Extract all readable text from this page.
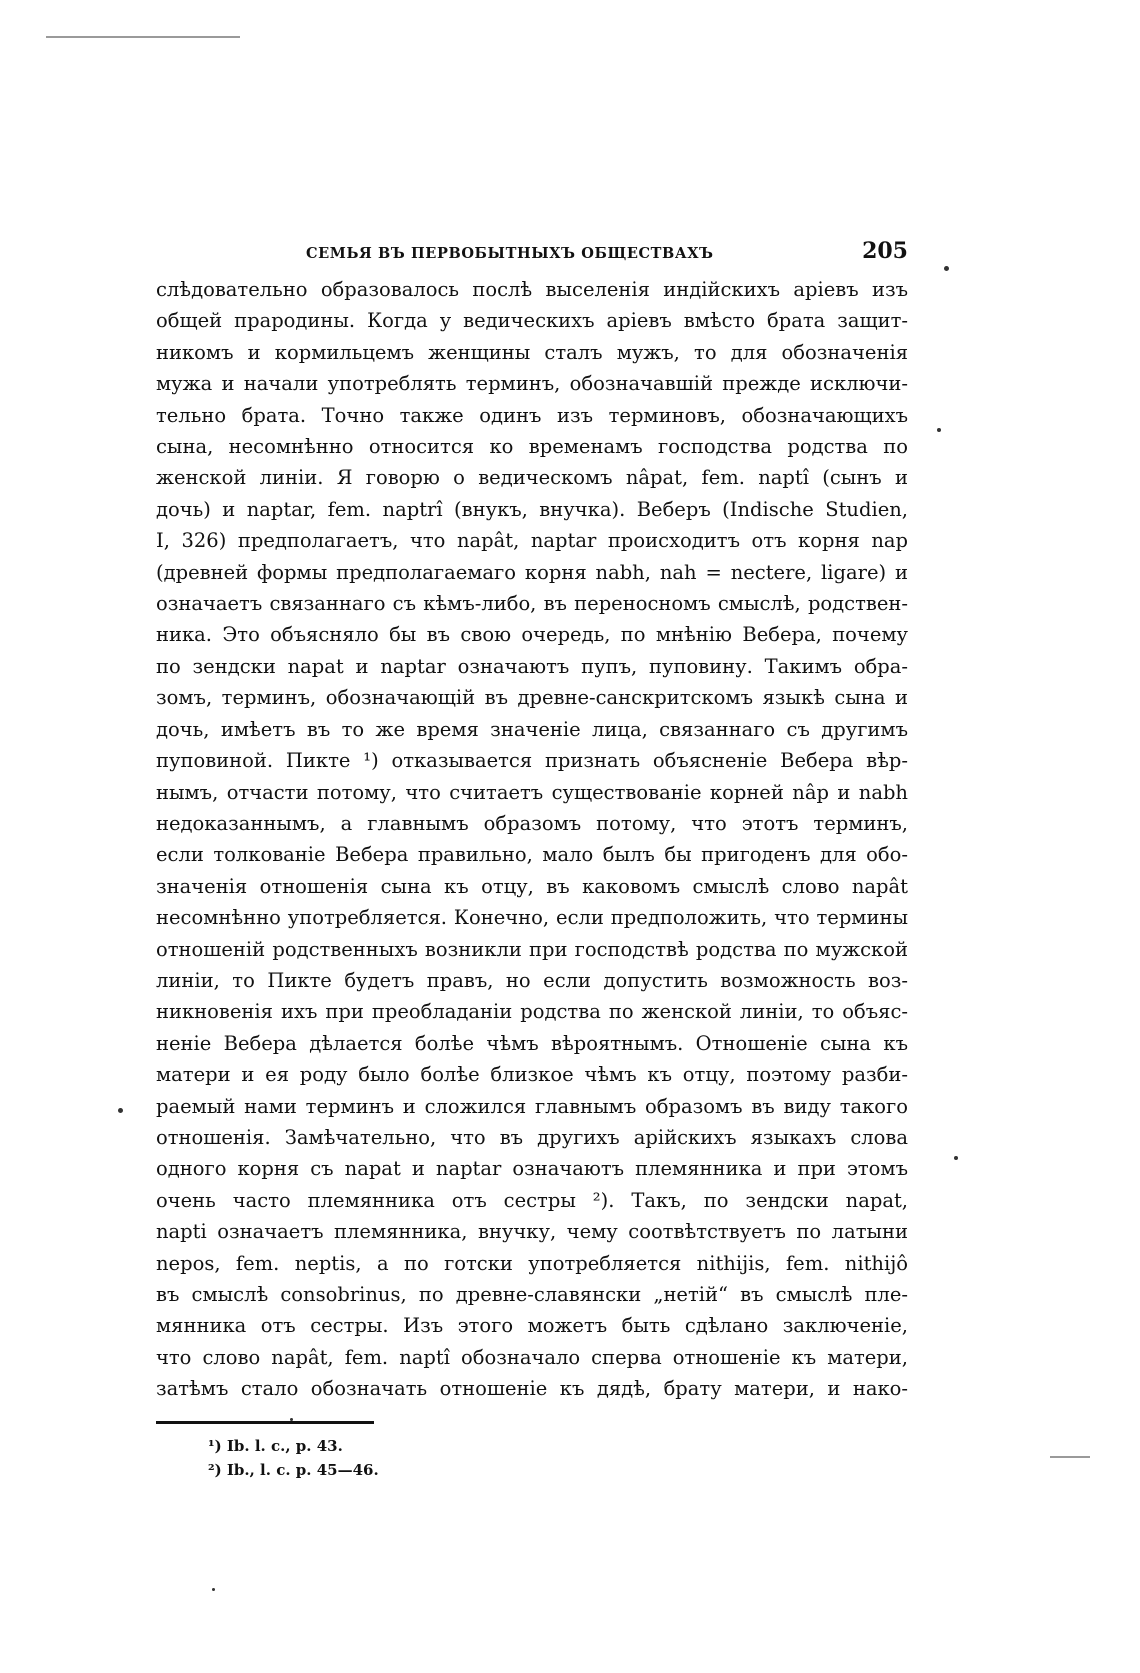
СЕМЬЯ ВЪ ПЕРВОБЫТНЫХЪ ОБЩЕСТВАХЪ	205
слѣдовательно образовалось послѣ выселенія индійскихъ аріевъ изъ
общей прародины. Когда у ведическихъ аріевъ вмѣсто брата защит-
никомъ и кормильцемъ женщины сталъ мужъ, то для обозначенія
мужа и начали употреблять терминъ, обозначавшій прежде исключи-
тельно брата. Точно также одинъ изъ терминовъ, обозначающихъ
сына, несомнѣнно относится ко временамъ господства родства по
женской линіи. Я говорю о ведическомъ nâpat, fem. naptî (сынъ и
дочь) и naptar, fem. naptrî (внукъ, внучка). Веберъ (Indische Studien,
I, 326) предполагаетъ, что napât, naptar происходитъ отъ корня nap
(древней формы предполагаемаго корня nabh, nah = nectere, ligare) и
означаетъ связаннаго съ кѣмъ-либо, въ переносномъ смыслѣ, родствен-
ника. Это объясняло бы въ свою очередь, по мнѣнію Вебера, почему
по зендски napat и naptar означаютъ пупъ, пуповину. Такимъ обра-
зомъ, терминъ, обозначающій въ древне-санскритскомъ языкѣ сына и
дочь, имѣетъ въ то же время значеніе лица, связаннаго съ другимъ
пуповиной. Пикте ¹) отказывается признать объясненіе Вебера вѣр-
нымъ, отчасти потому, что считаетъ существованіе корней nâp и nabh
недоказаннымъ, а главнымъ образомъ потому, что этотъ терминъ,
если толкованіе Вебера правильно, мало былъ бы пригоденъ для обо-
значенія отношенія сына къ отцу, въ каковомъ смыслѣ слово napât
несомнѣнно употребляется. Конечно, если предположить, что термины
отношеній родственныхъ возникли при господствѣ родства по мужской
линіи, то Пикте будетъ правъ, но если допустить возможность воз-
никновенія ихъ при преобладаніи родства по женской линіи, то объяс-
неніе Вебера дѣлается болѣе чѣмъ вѣроятнымъ. Отношеніе сына къ
матери и ея роду было болѣе близкое чѣмъ къ отцу, поэтому разби-
раемый нами терминъ и сложился главнымъ образомъ въ виду такого
отношенія. Замѣчательно, что въ другихъ арійскихъ языкахъ слова
одного корня съ napat и naptar означаютъ племянника и при этомъ
очень часто племянника отъ сестры ²). Такъ, по зендски napat,
napti означаетъ племянника, внучку, чему соотвѣтствуетъ по латыни
nepos, fem. neptis, а по готски употребляется nithijis, fem. nithijô
въ смыслѣ consobrinus, по древне-славянски „нетій“ въ смыслѣ пле-
мянника отъ сестры. Изъ этого можетъ быть сдѣлано заключеніе,
что слово napât, fem. naptî обозначало сперва отношеніе къ матери,
затѣмъ стало обозначать отношеніе къ дядѣ, брату матери, и нако-
¹) Ib. l. c., p. 43.
²) Ib., l. c. p. 45—46.
